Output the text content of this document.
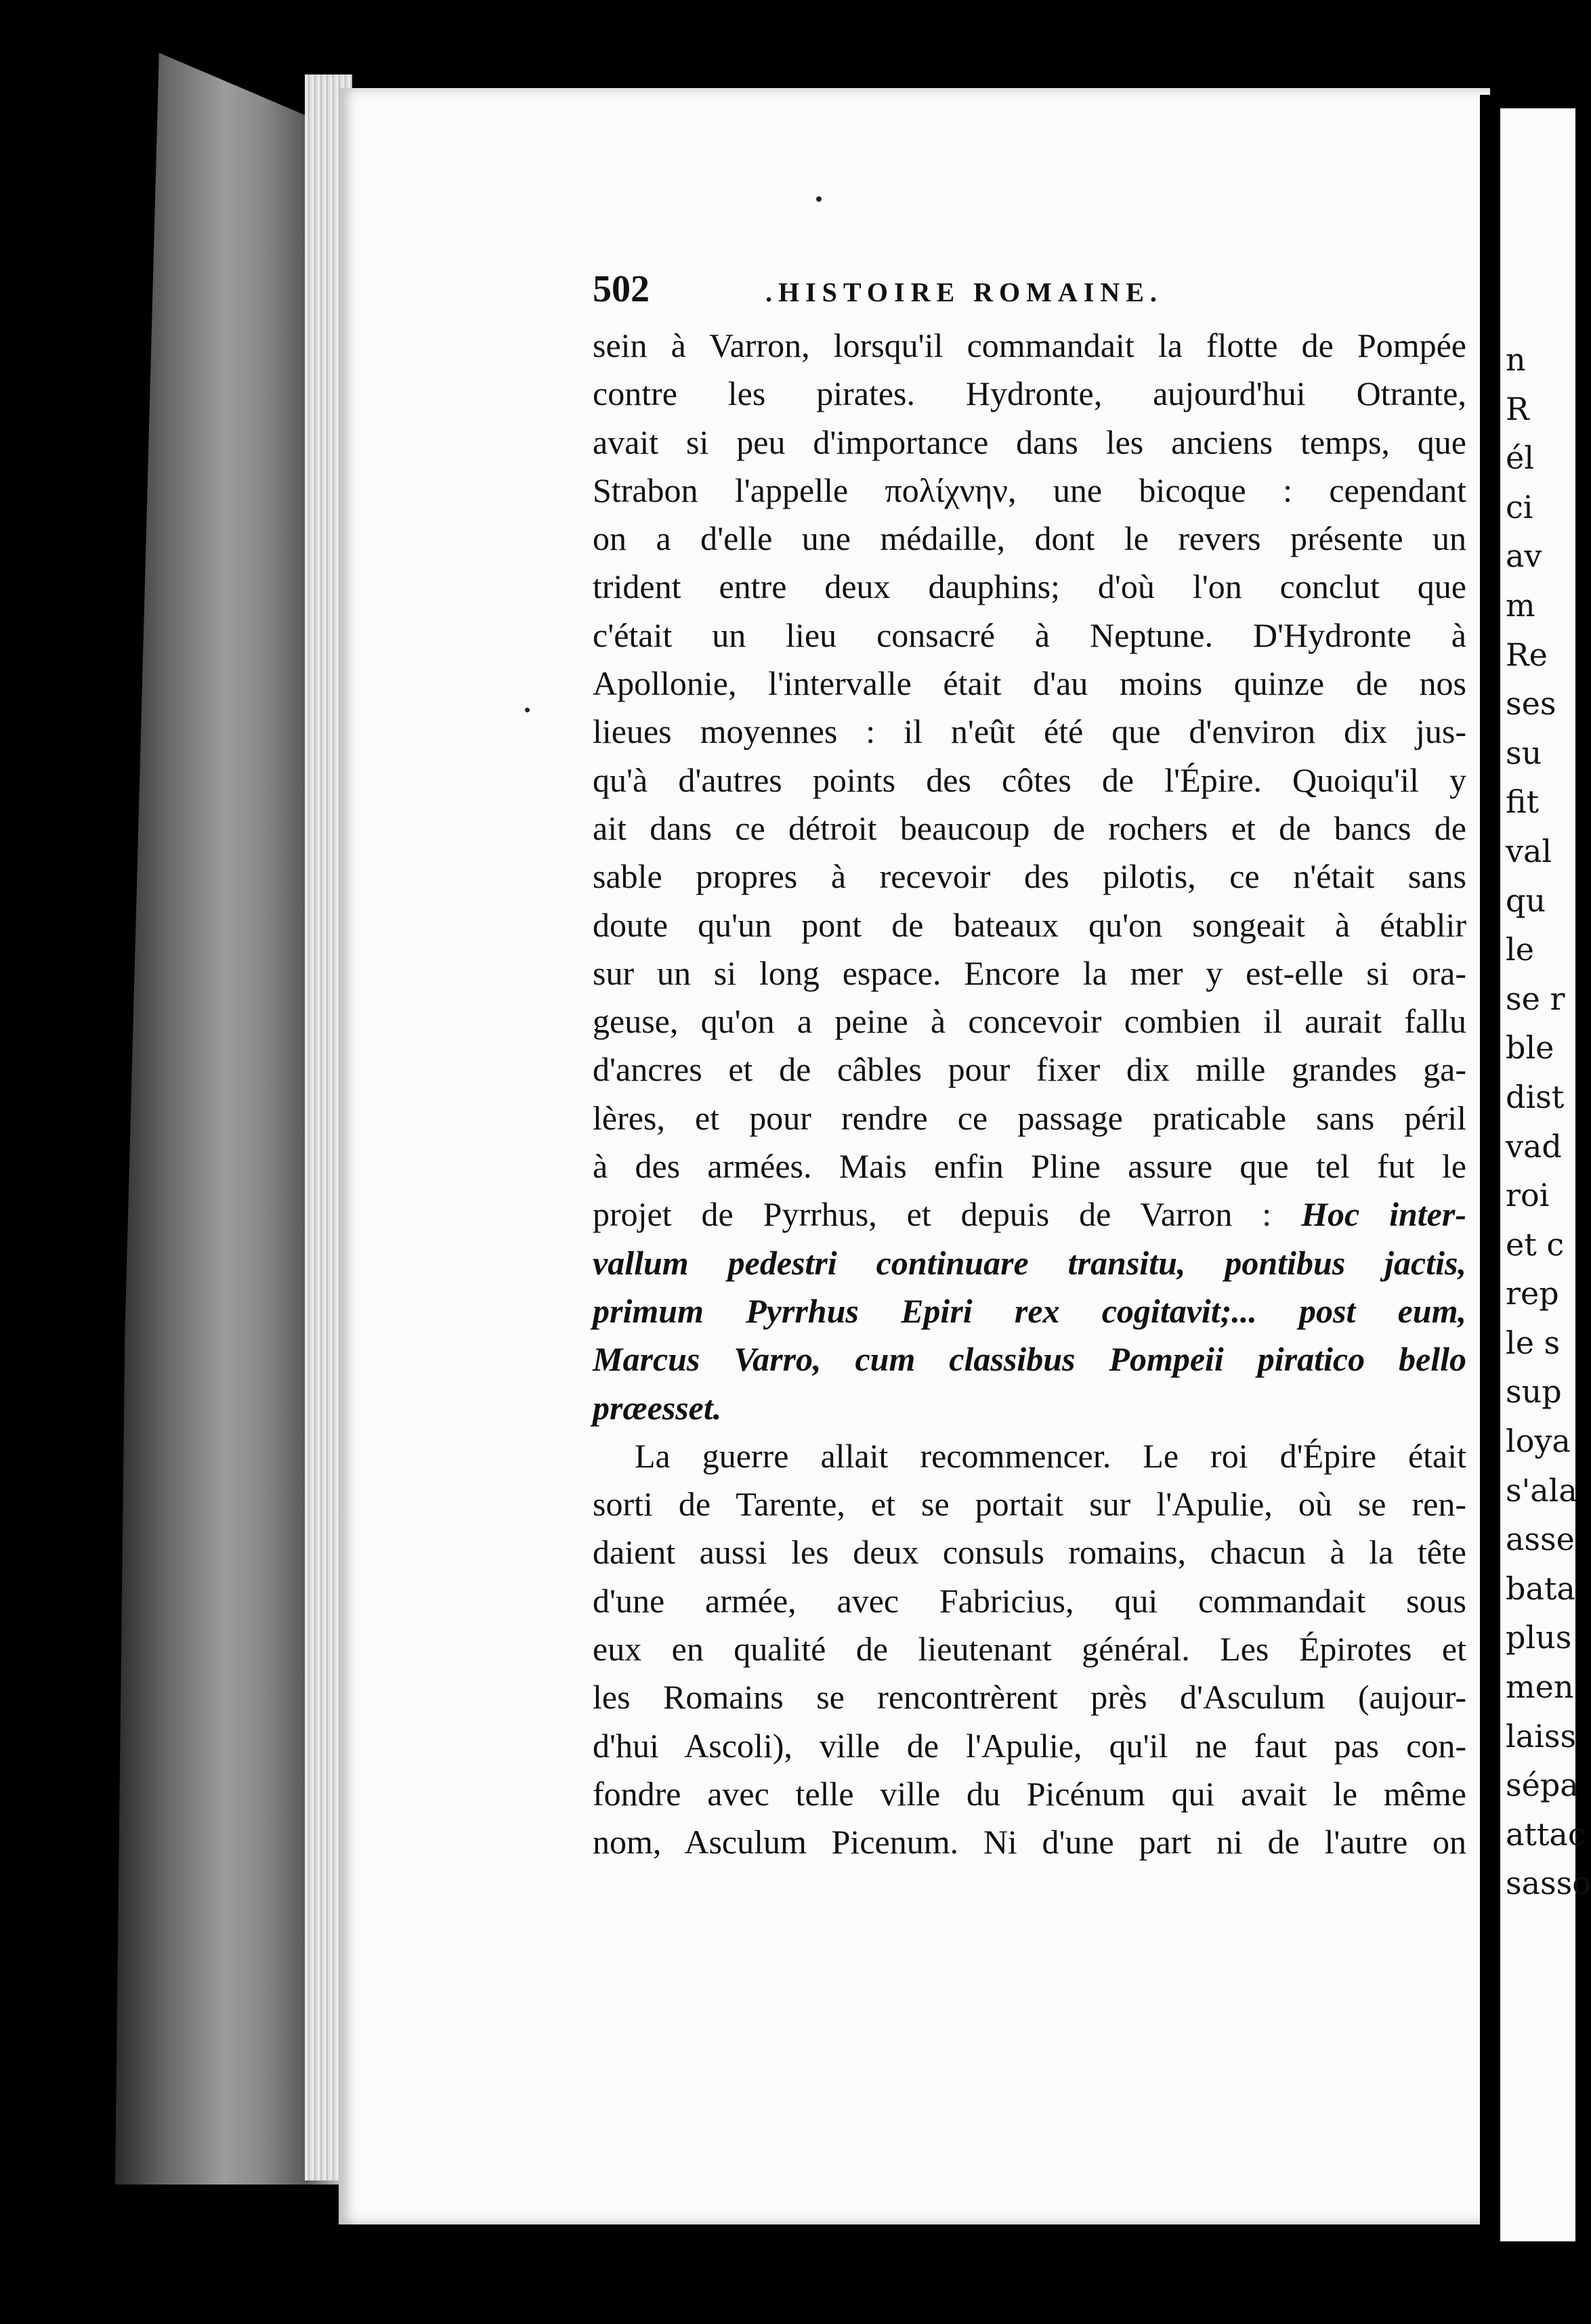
n
R
él
ci
av
m
Re
ses
su
fit
val
qu
le
se r
ble
dist
vad
roi
et c
rep
le s
sup
loya
s'ala
asse
bata
plus
men
laiss
sépa
attac
sasso
502	.HISTOIRE ROMAINE.
sein à Varron, lorsqu'il commandait la flotte de Pompée
contre les pirates. Hydronte, aujourd'hui Otrante,
avait si peu d'importance dans les anciens temps, que
Strabon l'appelle πολίχνην, une bicoque : cependant
on a d'elle une médaille, dont le revers présente un
trident entre deux dauphins; d'où l'on conclut que
c'était un lieu consacré à Neptune. D'Hydronte à
Apollonie, l'intervalle était d'au moins quinze de nos
lieues moyennes : il n'eût été que d'environ dix jus-
qu'à d'autres points des côtes de l'Épire. Quoiqu'il y
ait dans ce détroit beaucoup de rochers et de bancs de
sable propres à recevoir des pilotis, ce n'était sans
doute qu'un pont de bateaux qu'on songeait à établir
sur un si long espace. Encore la mer y est-elle si ora-
geuse, qu'on a peine à concevoir combien il aurait fallu
d'ancres et de câbles pour fixer dix mille grandes ga-
lères, et pour rendre ce passage praticable sans péril
à des armées. Mais enfin Pline assure que tel fut le
projet de Pyrrhus, et depuis de Varron : Hoc inter-
vallum pedestri continuare transitu, pontibus jactis,
primum Pyrrhus Epiri rex cogitavit;... post eum,
Marcus Varro, cum classibus Pompeii piratico bello
præesset.
La guerre allait recommencer. Le roi d'Épire était
sorti de Tarente, et se portait sur l'Apulie, où se ren-
daient aussi les deux consuls romains, chacun à la tête
d'une armée, avec Fabricius, qui commandait sous
eux en qualité de lieutenant général. Les Épirotes et
les Romains se rencontrèrent près d'Asculum (aujour-
d'hui Ascoli), ville de l'Apulie, qu'il ne faut pas con-
fondre avec telle ville du Picénum qui avait le même
nom, Asculum Picenum. Ni d'une part ni de l'autre on
